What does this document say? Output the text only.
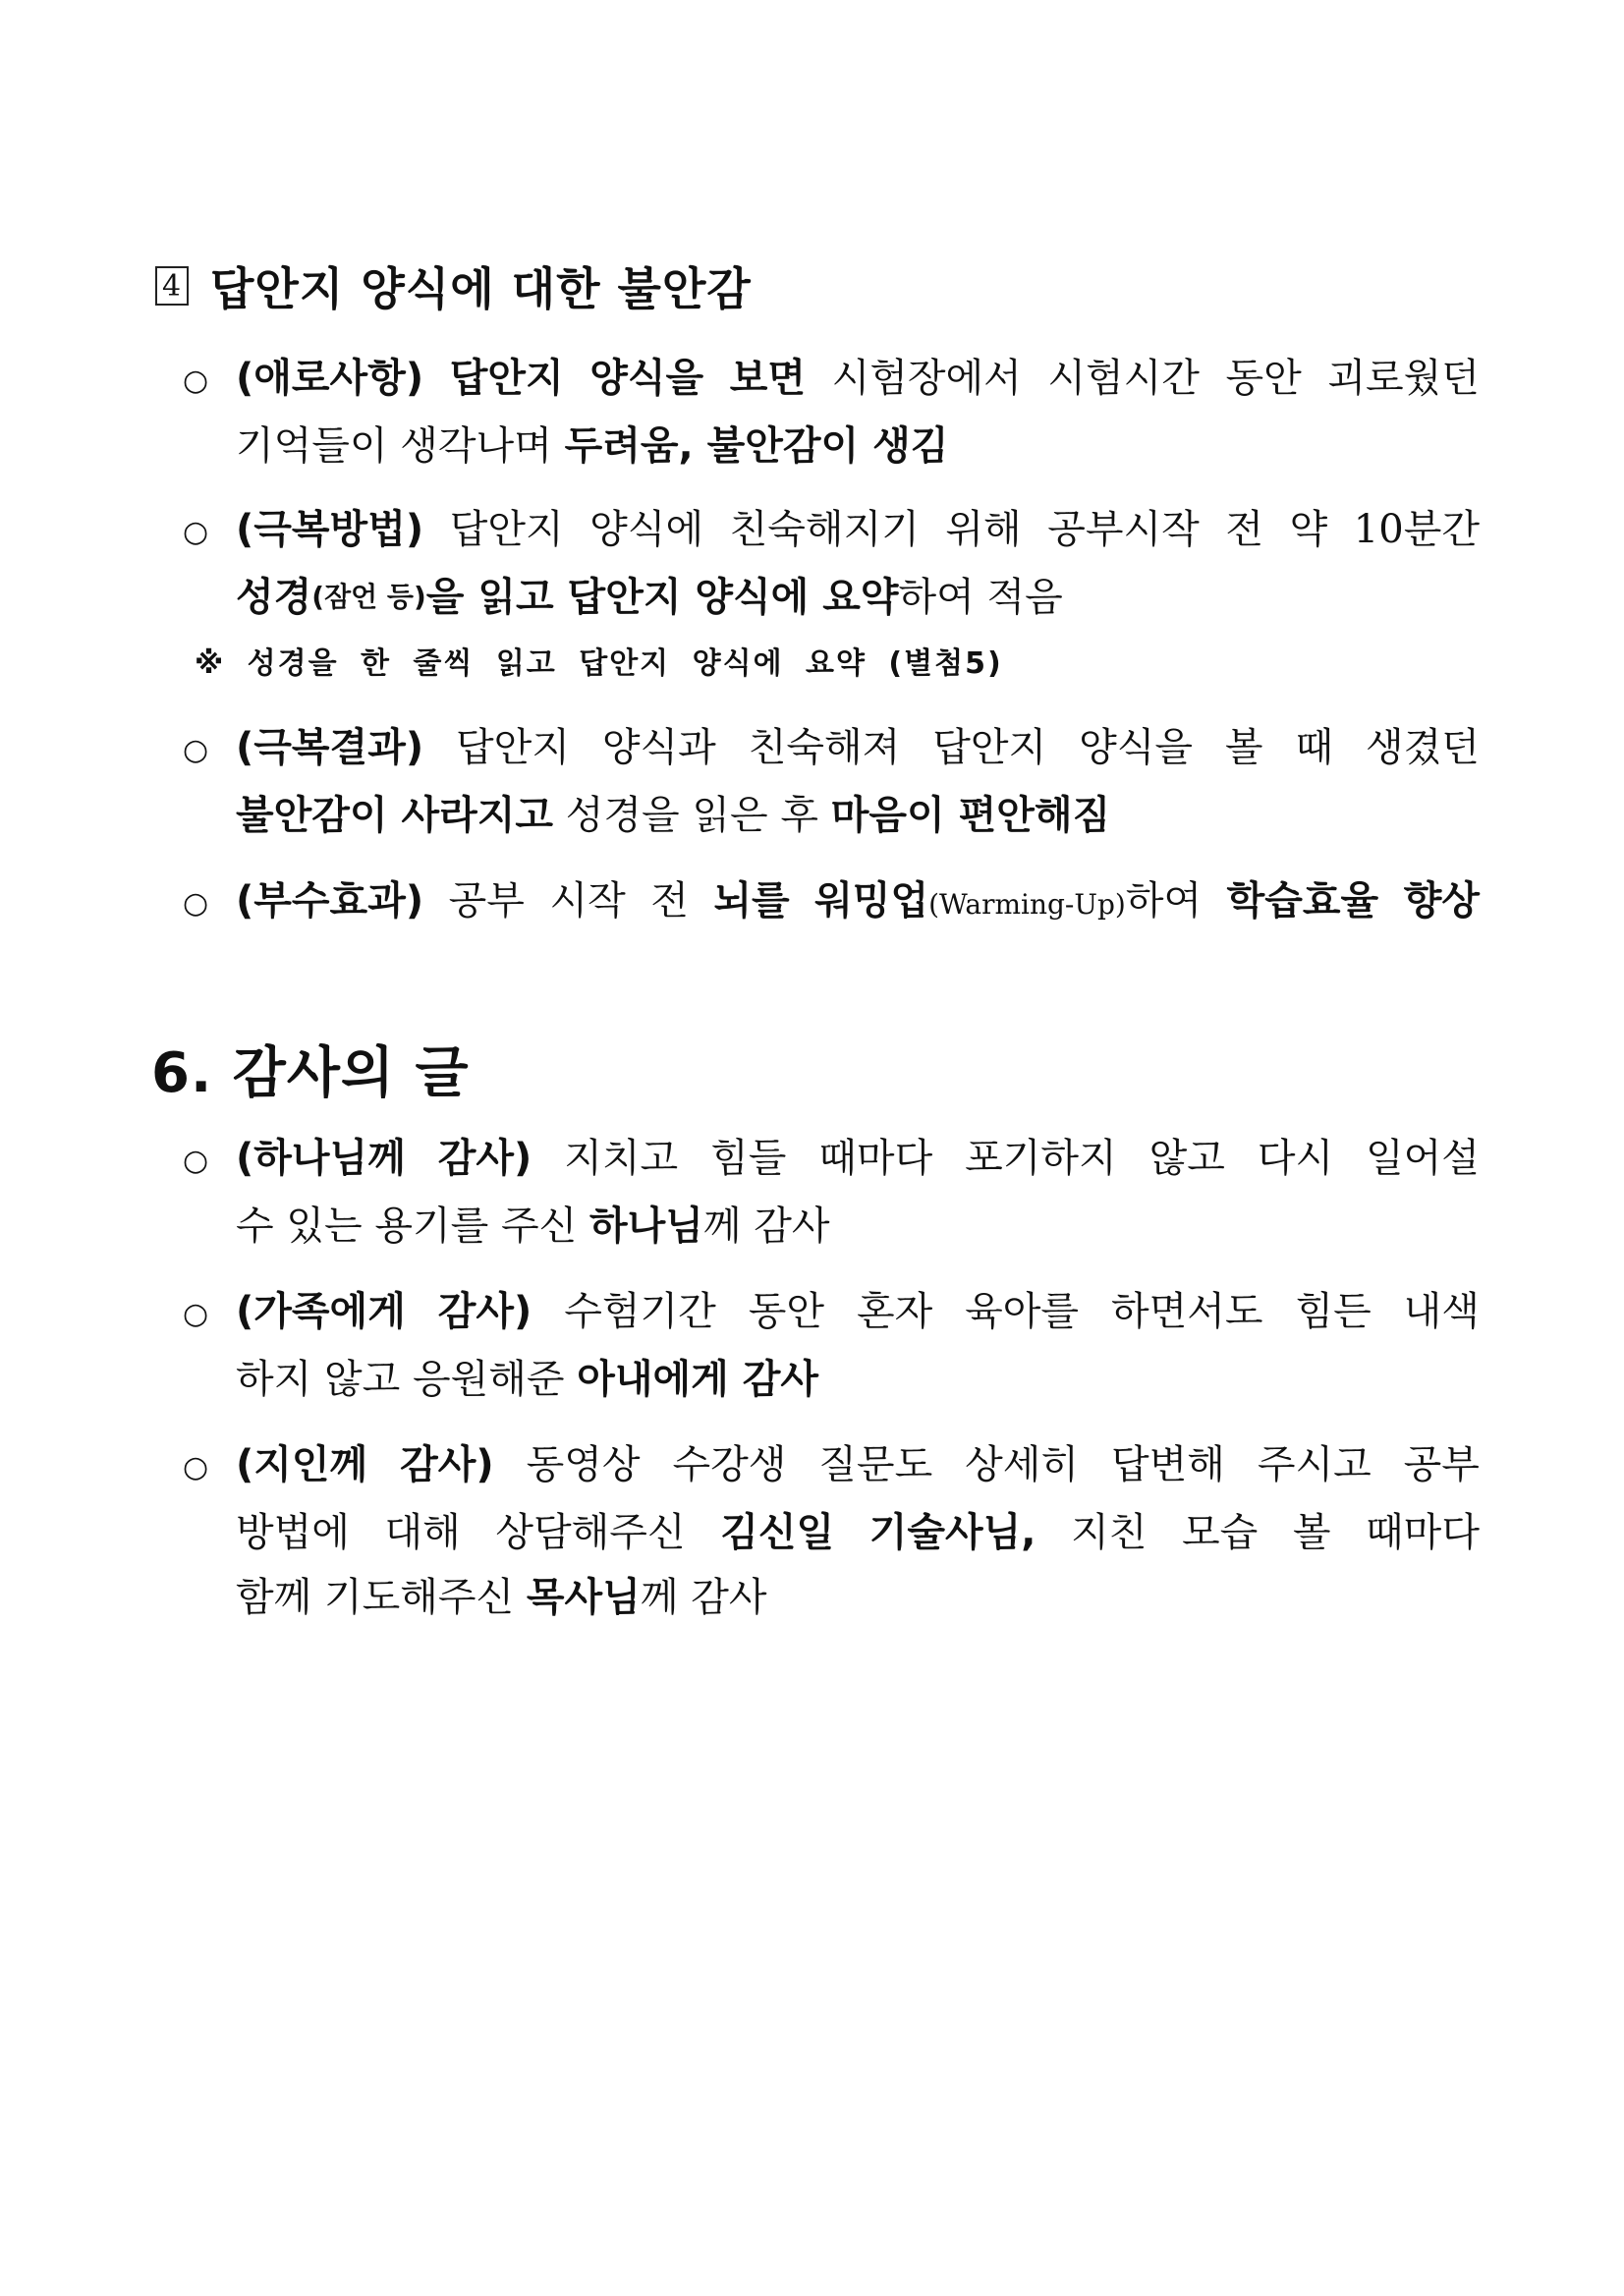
4 답안지 양식에 대한 불안감
○ (애로사항) 답안지 양식을 보면 시험장에서 시험시간 동안 괴로웠던
기억들이 생각나며 두려움, 불안감이 생김
○ (극복방법) 답안지 양식에 친숙해지기 위해 공부시작 전 약 10분간
성경 (잠언 등) 을 읽고 답안지 양식에 요약 하여 적음
※ 성경을 한 줄씩 읽고 답안지 양식에 요약 (별첨5)
○ (극복결과) 답안지 양식과 친숙해져 답안지 양식을 볼 때 생겼던
불안감이 사라지고 성경을 읽은 후 마음이 편안해짐
○ (부수효과) 공부 시작 전 뇌를 워밍업(Warming-Up)하여 학습효율 향상
6. 감사의 글
○ (하나님께 감사) 지치고 힘들 때마다 포기하지 않고 다시 일어설
수 있는 용기를 주신 하나님 께 감사
○ (가족에게 감사) 수험기간 동안 혼자 육아를 하면서도 힘든 내색
하지 않고 응원해준 아내에게 감사
○ (지인께 감사) 동영상 수강생 질문도 상세히 답변해 주시고 공부
방법에 대해 상담해주신 김신일 기술사님, 지친 모습 볼 때마다
함께 기도해주신 목사님 께 감사
